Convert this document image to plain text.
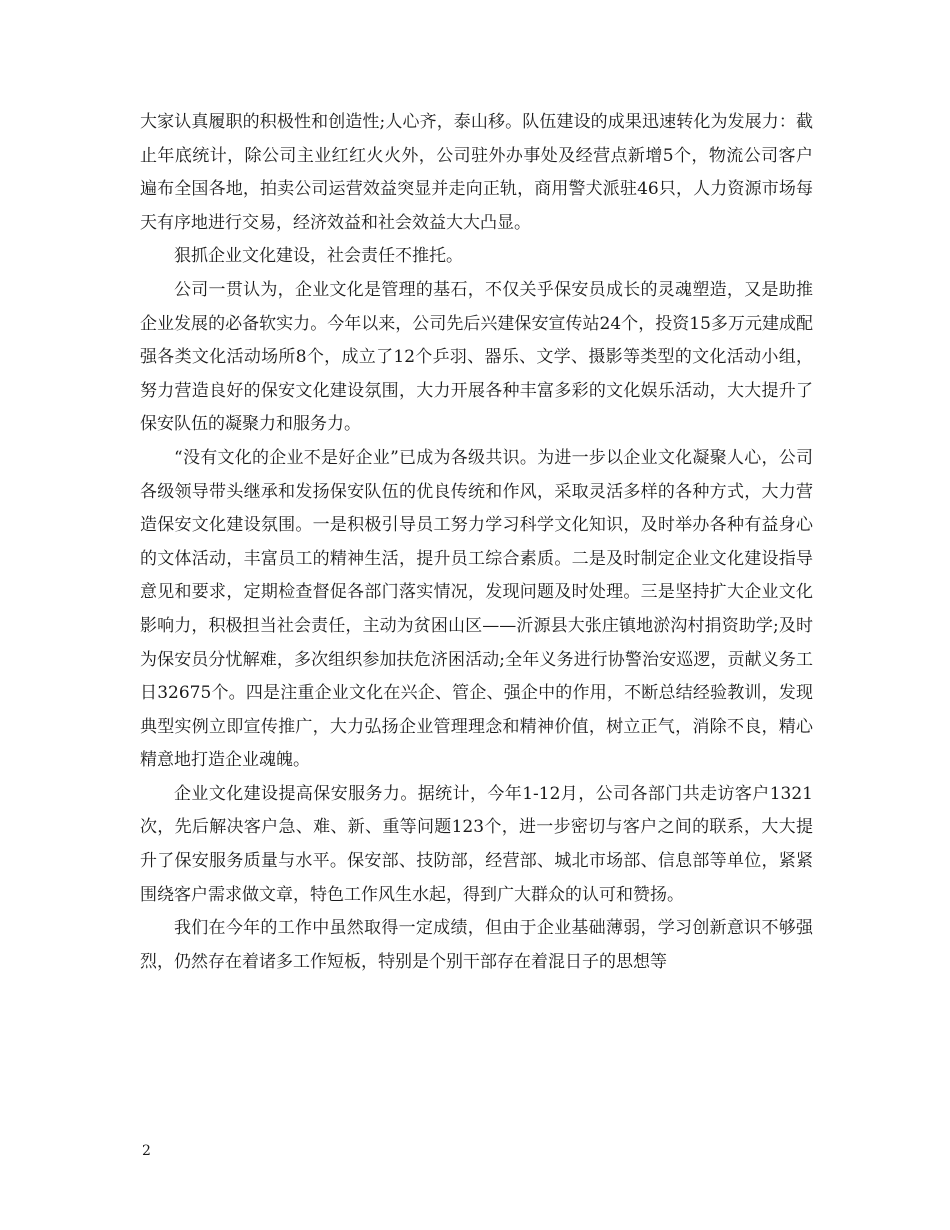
大家认真履职的积极性和创造性;人心齐，泰山移。队伍建设的成果迅速转化为发展力：截止年底统计，除公司主业红红火火外，公司驻外办事处及经营点新增5个，物流公司客户遍布全国各地，拍卖公司运营效益突显并走向正轨，商用警犬派驻46只，人力资源市场每天有序地进行交易，经济效益和社会效益大大凸显。

狠抓企业文化建设，社会责任不推托。

公司一贯认为，企业文化是管理的基石，不仅关乎保安员成长的灵魂塑造，又是助推企业发展的必备软实力。今年以来，公司先后兴建保安宣传站24个，投资15多万元建成配强各类文化活动场所8个，成立了12个乒羽、器乐、文学、摄影等类型的文化活动小组，努力营造良好的保安文化建设氛围，大力开展各种丰富多彩的文化娱乐活动，大大提升了保安队伍的凝聚力和服务力。

“没有文化的企业不是好企业”已成为各级共识。为进一步以企业文化凝聚人心，公司各级领导带头继承和发扬保安队伍的优良传统和作风，采取灵活多样的各种方式，大力营造保安文化建设氛围。一是积极引导员工努力学习科学文化知识，及时举办各种有益身心的文体活动，丰富员工的精神生活，提升员工综合素质。二是及时制定企业文化建设指导意见和要求，定期检查督促各部门落实情况，发现问题及时处理。三是坚持扩大企业文化影响力，积极担当社会责任，主动为贫困山区——沂源县大张庄镇地淤沟村捐资助学;及时为保安员分忧解难，多次组织参加扶危济困活动;全年义务进行协警治安巡逻，贡献义务工日32675个。四是注重企业文化在兴企、管企、强企中的作用，不断总结经验教训，发现典型实例立即宣传推广，大力弘扬企业管理理念和精神价值，树立正气，消除不良，精心精意地打造企业魂魄。

企业文化建设提高保安服务力。据统计，今年1-12月，公司各部门共走访客户1321次，先后解决客户急、难、新、重等问题123个，进一步密切与客户之间的联系，大大提升了保安服务质量与水平。保安部、技防部，经营部、城北市场部、信息部等单位，紧紧围绕客户需求做文章，特色工作风生水起，得到广大群众的认可和赞扬。

我们在今年的工作中虽然取得一定成绩，但由于企业基础薄弱，学习创新意识不够强烈，仍然存在着诸多工作短板，特别是个别干部存在着混日子的思想等

2
